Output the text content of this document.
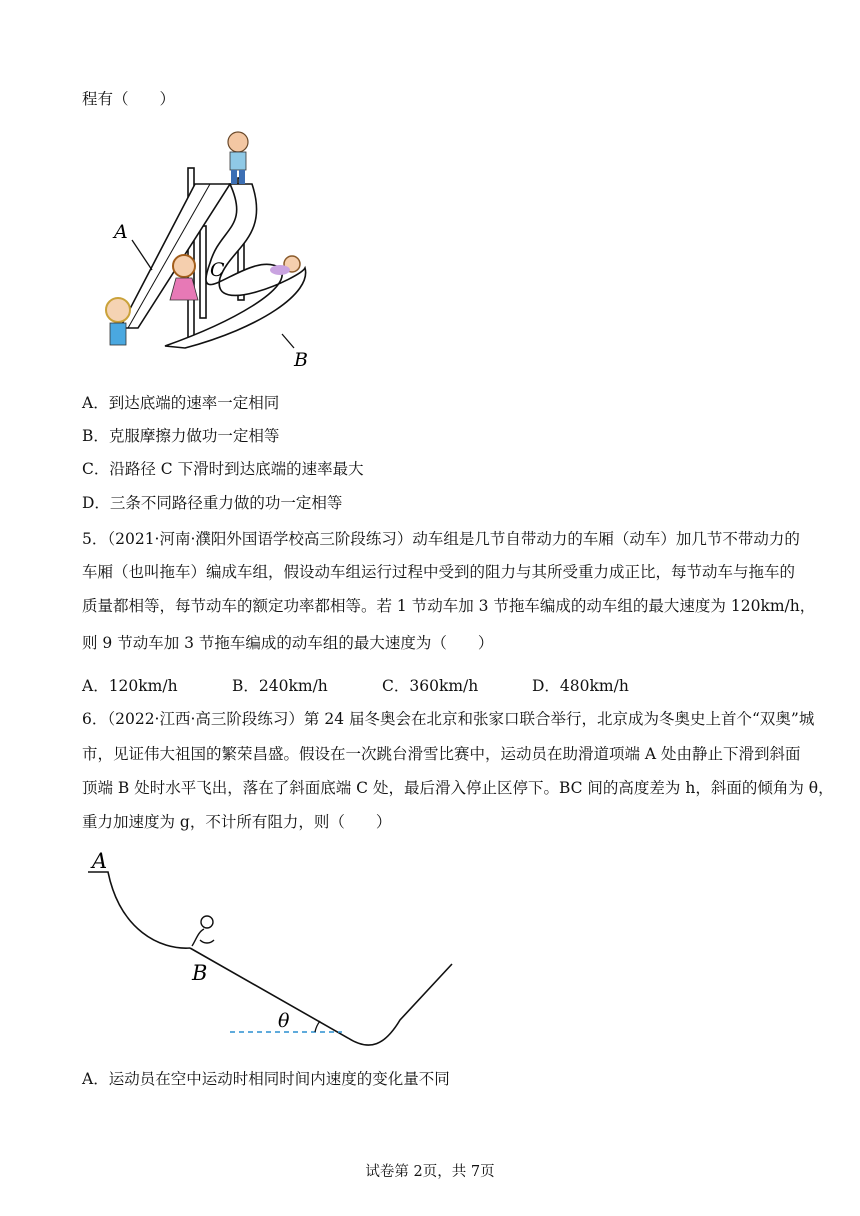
程有（　　）
A
C
B
A．到达底端的速率一定相同
B．克服摩擦力做功一定相等
C．沿路径 C 下滑时到达底端的速率最大
D．三条不同路径重力做的功一定相等
5．（2021·河南·濮阳外国语学校高三阶段练习）动车组是几节自带动力的车厢（动车）加几节不带动力的
车厢（也叫拖车）编成车组，假设动车组运行过程中受到的阻力与其所受重力成正比，每节动车与拖车的
质量都相等，每节动车的额定功率都相等。若 1 节动车加 3 节拖车编成的动车组的最大速度为 120km/h，
则 9 节动车加 3 节拖车编成的动车组的最大速度为（　　）
A．120km/h	B．240km/h	C．360km/h	D．480km/h
6．（2022·江西·高三阶段练习）第 24 届冬奥会在北京和张家口联合举行，北京成为冬奥史上首个“双奥”城
市，见证伟大祖国的繁荣昌盛。假设在一次跳台滑雪比赛中，运动员在助滑道项端 A 处由静止下滑到斜面
顶端 B 处时水平飞出，落在了斜面底端 C 处，最后滑入停止区停下。BC 间的高度差为 h，斜面的倾角为 θ，
重力加速度为 g，不计所有阻力，则（　　）
A
B
θ
A．运动员在空中运动时相同时间内速度的变化量不同
试卷第 2页，共 7页
